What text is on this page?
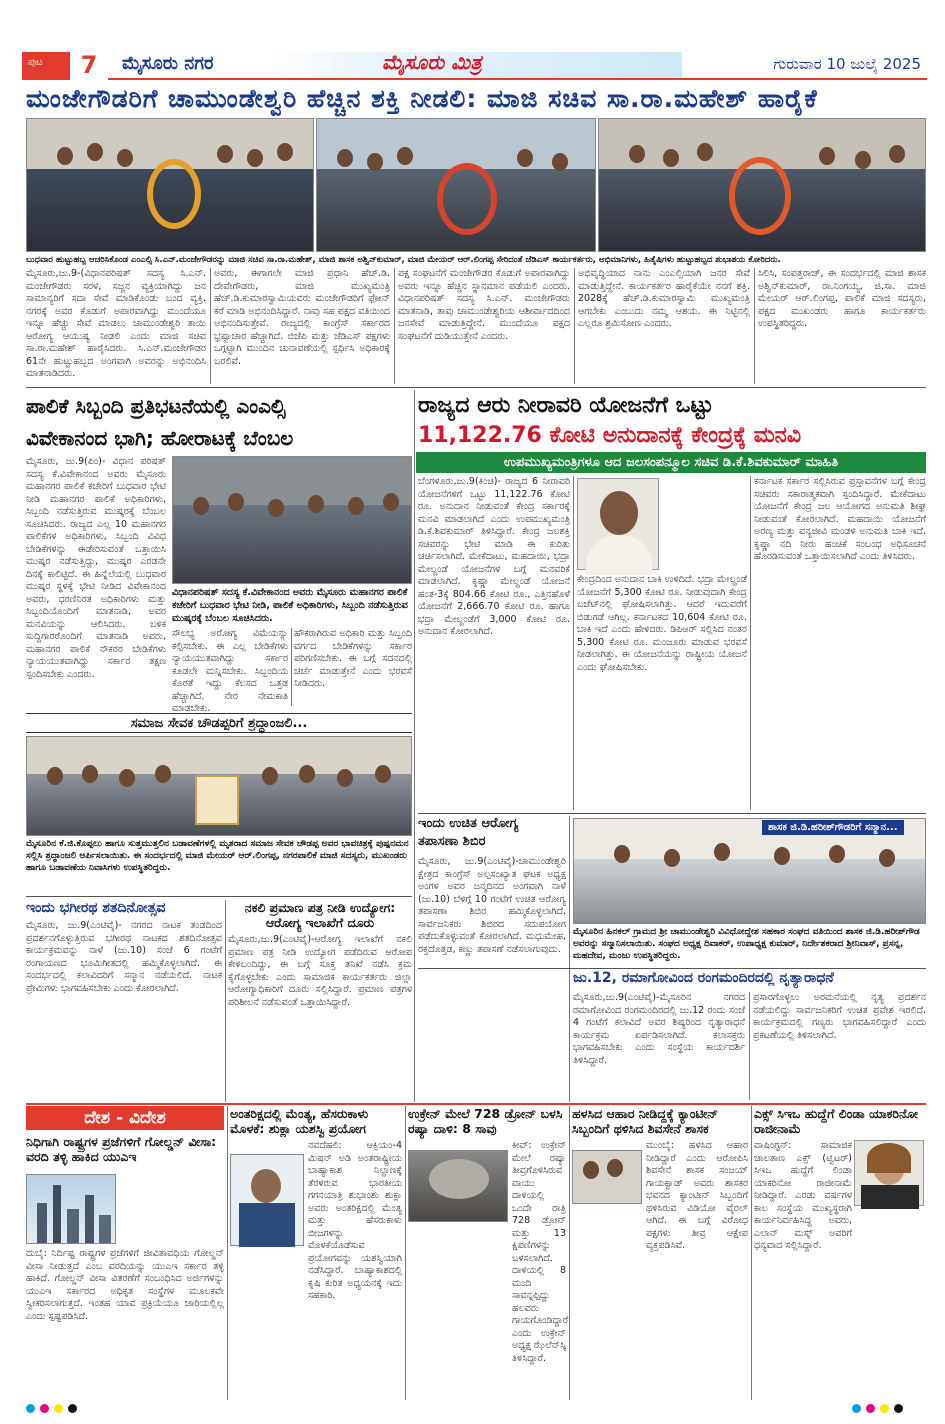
ಪುಟ	7	ಮೈಸೂರು ನಗರ	ಮೈಸೂರು ಮಿತ್ರ	ಗುರುವಾರ 10 ಜುಲೈ 2025
ಮಂಜೇಗೌಡರಿಗೆ ಚಾಮುಂಡೇಶ್ವರಿ ಹೆಚ್ಚಿನ ಶಕ್ತಿ ನೀಡಲಿ: ಮಾಜಿ ಸಚಿವ ಸಾ.ರಾ.ಮಹೇಶ್ ಹಾರೈಕೆ
ಬುಧವಾರ ಹುಟ್ಟುಹಬ್ಬ ಆಚರಿಸಿಕೊಂಡ ಎಂಎಲ್ಸಿ ಸಿ.ಎನ್.ಮಂಜೇಗೌಡರನ್ನು ಮಾಜಿ ಸಚಿವ ಸಾ.ರಾ.ಮಹೇಶ್, ಮಾಜಿ ಶಾಸಕ ಅಶ್ವಿನ್‌ಕುಮಾರ್, ಮಾಜಿ ಮೇಯರ್ ಆರ್.ಲಿಂಗಪ್ಪ ಸೇರಿದಂತೆ ಜೆಡಿಎಸ್ ಕಾರ್ಯಕರ್ತರು, ಅಭಿಮಾನಿಗಳು, ಹಿತೈಷಿಗಳು ಹುಟ್ಟುಹಬ್ಬದ ಶುಭಾಶಯ ಕೋರಿದರು.
ಮೈಸೂರು,ಜು.9-(ವಿಧಾನಪರಿಷತ್ ಸದಸ್ಯ ಸಿ.ಎನ್. ಮಂಜೇಗೌಡರು ಸರಳ, ಸಜ್ಜನ ವ್ಯಕ್ತಿಯಾಗಿದ್ದು ಜನ ಸಾಮಾನ್ಯರಿಗೆ ಸದಾ ಸೇವೆ ಮಾಡಿಕೊಂಡು ಬಂದ ವ್ಯಕ್ತಿ. ನಗರಕ್ಕೆ ಅವರ ಕೊಡುಗೆ ಅಪಾರವಾಗಿದ್ದು ಮುಂದೆಯೂ ಇನ್ನೂ ಹೆಚ್ಚು ಸೇವೆ ಮಾಡಲು ಚಾಮುಂಡೇಶ್ವರಿ ತಾಯಿ ಆರೋಗ್ಯ ಆಯುಷ್ಯ ನೀಡಲಿ ಎಂದು ಮಾಜಿ ಸಚಿವ ಸಾ.ರಾ.ಮಹೇಶ್ ಹಾರೈಸಿದರು. ಸಿ.ಎನ್.ಮಂಜೇಗೌಡರ 61ನೇ ಹುಟ್ಟುಹಬ್ಬದ ಅಂಗವಾಗಿ ಅವರನ್ನು ಅಭಿನಂದಿಸಿ ಮಾತನಾಡಿದರು.
ಅವರು, ಈಗಾಗಲೇ ಮಾಜಿ ಪ್ರಧಾನಿ ಹೆಚ್.ಡಿ. ದೇವೇಗೌಡರು, ಮಾಜಿ ಮುಖ್ಯಮಂತ್ರಿ ಹೆಚ್.ಡಿ.ಕುಮಾರಸ್ವಾಮಿಯವರು ಮಂಜೇಗೌಡರಿಗೆ ಫೋನ್ ಕರೆ ಮಾಡಿ ಅಭಿನಂದಿಸಿದ್ದಾರೆ. ನಾವು ಸಹ ಪಕ್ಷದ ವತಿಯಿಂದ ಅಭಿನಂದಿಸುತ್ತೇವೆ. ರಾಜ್ಯದಲ್ಲಿ ಕಾಂಗ್ರೆಸ್ ಸರ್ಕಾರದ ಭ್ರಷ್ಟಾಚಾರ ಹೆಚ್ಚಾಗಿದೆ. ಬಿಜೆಪಿ ಮತ್ತು ಜೆಡಿಎಸ್ ಪಕ್ಷಗಳು ಒಗ್ಗಟ್ಟಾಗಿ ಮುಂದಿನ ಚುನಾವಣೆಯಲ್ಲಿ ಸ್ಪರ್ಧಿಸಿ ಅಧಿಕಾರಕ್ಕೆ ಬರಲಿವೆ.
ಪಕ್ಷ ಸಂಘಟನೆಗೆ ಮಂಜೇಗೌಡರ ಕೊಡುಗೆ ಅಪಾರವಾಗಿದ್ದು ಅವರು ಇನ್ನೂ ಹೆಚ್ಚಿನ ಸ್ಥಾನಮಾನ ಪಡೆಯಲಿ ಎಂದರು. ವಿಧಾನಪರಿಷತ್ ಸದಸ್ಯ ಸಿ.ಎನ್. ಮಂಜೇಗೌಡರು ಮಾತನಾಡಿ, ತಾವು ಚಾಮುಂಡೇಶ್ವರಿಯ ಆಶೀರ್ವಾದದಿಂದ ಜನಸೇವೆ ಮಾಡುತ್ತಿದ್ದೇನೆ. ಮುಂದೆಯೂ ಪಕ್ಷದ ಸಂಘಟನೆಗೆ ದುಡಿಯುತ್ತೇನೆ ಎಂದರು.
ಅಭಿವೃದ್ಧಿಯಾದ ನಾನು ಎಂಎಲ್ಸಿಯಾಗಿ ಜನರ ಸೇವೆ ಮಾಡುತ್ತಿದ್ದೇನೆ. ಕಾರ್ಯಕರ್ತರ ಹಾರೈಕೆಯೇ ನನಗೆ ಶಕ್ತಿ. 2028ಕ್ಕೆ ಹೆಚ್.ಡಿ.ಕುಮಾರಸ್ವಾಮಿ ಮುಖ್ಯಮಂತ್ರಿ ಆಗಬೇಕು ಎಂಬುದು ನಮ್ಮ ಆಶಯ. ಈ ನಿಟ್ಟಿನಲ್ಲಿ ಎಲ್ಲರೂ ಶ್ರಮಿಸೋಣ ಎಂದರು.
ಸಿಲಿಸಿ, ಸಂಪತ್ತರಾಜ್, ಈ ಸಂದರ್ಭದಲ್ಲಿ ಮಾಜಿ ಶಾಸಕ ಅಶ್ವಿನ್‌ಕುಮಾರ್, ರಾ.ನಿಂಗಯ್ಯ, ಜಿ.ಸಾ. ಮಾಜಿ ಮೇಯರ್ ಆರ್.ಲಿಂಗಪ್ಪ, ಪಾಲಿಕೆ ಮಾಜಿ ಸದಸ್ಯರು, ಪಕ್ಷದ ಮುಖಂಡರು ಹಾಗೂ ಕಾರ್ಯಕರ್ತರು ಉಪಸ್ಥಿತರಿದ್ದರು.
ಪಾಲಿಕೆ ಸಿಬ್ಬಂದಿ ಪ್ರತಿಭಟನೆಯಲ್ಲಿ ಎಂಎಲ್ಸಿ
ವಿವೇಕಾನಂದ ಭಾಗಿ; ಹೋರಾಟಕ್ಕೆ ಬೆಂಬಲ
ಮೈಸೂರು, ಜು.9(ಪಿಂ)- ವಿಧಾನ ಪರಿಷತ್ ಸದಸ್ಯ ಕೆ.ವಿವೇಕಾನಂದ ಅವರು ಮೈಸೂರು ಮಹಾನಗರ ಪಾಲಿಕೆ ಕಚೇರಿಗೆ ಬುಧವಾರ ಭೇಟಿ ನೀಡಿ ಮಹಾನಗರ ಪಾಲಿಕೆ ಅಧಿಕಾರಿಗಳು, ಸಿಬ್ಬಂದಿ ನಡೆಸುತ್ತಿರುವ ಮುಷ್ಕರಕ್ಕೆ ಬೆಂಬಲ ಸೂಚಿಸಿದರು. ರಾಜ್ಯದ ಎಲ್ಲ 10 ಮಹಾನಗರ ಪಾಲಿಕೆಗಳ ಅಧಿಕಾರಿಗಳು, ಸಿಬ್ಬಂದಿ ವಿವಿಧ ಬೇಡಿಕೆಗಳನ್ನು ಈಡೇರಿಸುವಂತೆ ಒತ್ತಾಯಿಸಿ ಮುಷ್ಕರ ನಡೆಸುತ್ತಿದ್ದು, ಮುಷ್ಕರ ಎರಡನೇ ದಿನಕ್ಕೆ ಕಾಲಿಟ್ಟಿದೆ. ಈ ಹಿನ್ನೆಲೆಯಲ್ಲಿ ಬುಧವಾರ ಮುಷ್ಕರ ಸ್ಥಳಕ್ಕೆ ಭೇಟಿ ನೀಡಿದ ವಿವೇಕಾನಂದ ಅವರು, ಧರಣಿನಿರತ ಅಧಿಕಾರಿಗಳು ಮತ್ತು ಸಿಬ್ಬಂದಿಯೊಂದಿಗೆ ಮಾತನಾಡಿ, ಅವರ ಮನವಿಯನ್ನು ಆಲಿಸಿದರು. ಬಳಿಕ ಸುದ್ದಿಗಾರರೊಂದಿಗೆ ಮಾತನಾಡಿ ಅವರು, ಮಹಾನಗರ ಪಾಲಿಕೆ ನೌಕರರ ಬೇಡಿಕೆಗಳು ನ್ಯಾಯಯುತವಾಗಿದ್ದು ಸರ್ಕಾರ ತಕ್ಷಣ ಸ್ಪಂದಿಸಬೇಕು ಎಂದರು.
ವಿಧಾನಪರಿಷತ್ ಸದಸ್ಯ ಕೆ.ವಿವೇಕಾನಂದ ಅವರು ಮೈಸೂರು ಮಹಾನಗರ ಪಾಲಿಕೆ ಕಚೇರಿಗೆ ಬುಧವಾರ ಭೇಟಿ ನೀಡಿ, ಪಾಲಿಕೆ ಅಧಿಕಾರಿಗಳು, ಸಿಬ್ಬಂದಿ ನಡೆಸುತ್ತಿರುವ ಮುಷ್ಕರಕ್ಕೆ ಬೆಂಬಲ ಸೂಚಿಸಿದರು.
ಸೌಲಭ್ಯ ಅರೋಗ್ಯ ವಿಮೆಯನ್ನು ಕಲ್ಪಿಸಬೇಕು. ಈ ಎಲ್ಲ ಬೇಡಿಕೆಗಳು ನ್ಯಾಯಯುತವಾಗಿದ್ದು ಸರ್ಕಾರ ಕೂಡಲೇ ಮನ್ನಿಸಬೇಕು. ಸಿಬ್ಬಂದಿಯ ಕೊರತೆ ಇದ್ದು ಕೆಲಸದ ಒತ್ತಡ ಹೆಚ್ಚಾಗಿದೆ. ನೇರ ನೇಮಕಾತಿ ಮಾಡಬೇಕು.
ಹೌಕರಾಗಿರುವ ಅಧಿಕಾರಿ ಮತ್ತು ಸಿಬ್ಬಂದಿ ವರ್ಗದ ಬೇಡಿಕೆಗಳನ್ನು ಸರ್ಕಾರ ಪರಿಗಣಿಸಬೇಕು. ಈ ಬಗ್ಗೆ ಸದನದಲ್ಲಿ ಚರ್ಚೆ ಮಾಡುತ್ತೇನೆ ಎಂದು ಭರವಸೆ ನೀಡಿದರು.
ರಾಜ್ಯದ ಆರು ನೀರಾವರಿ ಯೋಜನೆಗೆ ಒಟ್ಟು
11,122.76 ಕೋಟಿ ಅನುದಾನಕ್ಕೆ ಕೇಂದ್ರಕ್ಕೆ ಮನವಿ
ಉಪಮುಖ್ಯಮಂತ್ರಿಗಳೂ ಆದ ಜಲಸಂಪನ್ಮೂಲ ಸಚಿವ ಡಿ.ಕೆ.ಶಿವಕುಮಾರ್ ಮಾಹಿತಿ
ಬೆಂಗಳೂರು,ಜು.9(ಕಿಂಚಿ)- ರಾಜ್ಯದ 6 ನೀರಾವರಿ ಯೋಜನೆಗಳಿಗೆ ಒಟ್ಟು 11,122.76 ಕೋಟಿ ರೂ. ಅನುದಾನ ನೀಡುವಂತೆ ಕೇಂದ್ರ ಸರ್ಕಾರಕ್ಕೆ ಮನವಿ ಮಾಡಲಾಗಿದೆ ಎಂದು ಉಪಮುಖ್ಯಮಂತ್ರಿ ಡಿ.ಕೆ.ಶಿವಕುಮಾರ್ ತಿಳಿಸಿದ್ದಾರೆ. ಕೇಂದ್ರ ಜಲಶಕ್ತಿ ಸಚಿವರನ್ನು ಭೇಟಿ ಮಾಡಿ ಈ ಕುರಿತು ಚರ್ಚಿಸಲಾಗಿದೆ. ಮೇಕೆದಾಟು, ಮಹದಾಯಿ, ಭದ್ರಾ ಮೇಲ್ದಂಡೆ ಯೋಜನೆಗಳ ಬಗ್ಗೆ ಮನವರಿಕೆ ಮಾಡಲಾಗಿದೆ. ಕೃಷ್ಣಾ ಮೇಲ್ದಂಡೆ ಯೋಜನೆ ಹಂತ-3ಕ್ಕೆ 804.66 ಕೋಟಿ ರೂ., ಎತ್ತಿನಹೊಳೆ ಯೋಜನೆಗೆ 2,666.70 ಕೋಟಿ ರೂ. ಹಾಗೂ ಭದ್ರಾ ಮೇಲ್ದಂಡೆಗೆ 3,000 ಕೋಟಿ ರೂ. ಅನುದಾನ ಕೋರಲಾಗಿದೆ.
ಕೇಂದ್ರದಿಂದ ಅನುದಾನ ಬಾಕಿ ಉಳಿದಿದೆ. ಭದ್ರಾ ಮೇಲ್ದಂಡೆ ಯೋಜನೆಗೆ 5,300 ಕೋಟಿ ರೂ. ನೀಡುವುದಾಗಿ ಕೇಂದ್ರ ಬಜೆಟ್‌ನಲ್ಲಿ ಘೋಷಿಸಲಾಗಿತ್ತು. ಆದರೆ ಇದುವರೆಗೆ ಬಿಡುಗಡೆ ಆಗಿಲ್ಲ. ಕರ್ನಾಟಕದ 10,604 ಕೋಟಿ ರೂ. ಬಾಕಿ ಇದೆ ಎಂದು ಹೇಳಿದರು. ಡಿಪಿಆರ್ ಸಲ್ಲಿಸಿದ ನಂತರ 5,300 ಕೋಟಿ ರೂ. ಮಂಜೂರು ಮಾಡುವ ಭರವಸೆ ನೀಡಲಾಗಿತ್ತು. ಈ ಯೋಜನೆಯನ್ನು ರಾಷ್ಟ್ರೀಯ ಯೋಜನೆ ಎಂದು ಘೋಷಿಸಬೇಕು.
ಕರ್ನಾಟಕ ಸರ್ಕಾರ ಸಲ್ಲಿಸಿರುವ ಪ್ರಸ್ತಾವನೆಗಳ ಬಗ್ಗೆ ಕೇಂದ್ರ ಸಚಿವರು ಸಕಾರಾತ್ಮಕವಾಗಿ ಸ್ಪಂದಿಸಿದ್ದಾರೆ. ಮೇಕೆದಾಟು ಯೋಜನೆಗೆ ಕೇಂದ್ರ ಜಲ ಆಯೋಗದ ಅನುಮತಿ ಶೀಘ್ರ ನೀಡುವಂತೆ ಕೋರಲಾಗಿದೆ. ಮಹದಾಯಿ ಯೋಜನೆಗೆ ಅರಣ್ಯ ಮತ್ತು ವನ್ಯಜೀವಿ ಮಂಡಳಿ ಅನುಮತಿ ಬಾಕಿ ಇದೆ. ಕೃಷ್ಣಾ ನದಿ ನೀರು ಹಂಚಿಕೆ ಸಂಬಂಧ ಅಧಿಸೂಚನೆ ಹೊರಡಿಸುವಂತೆ ಒತ್ತಾಯಿಸಲಾಗಿದೆ ಎಂದು ತಿಳಿಸಿದರು.
ಸಮಾಜ ಸೇವಕ ಚೌಡಪ್ಪರಿಗೆ ಶ್ರದ್ಧಾಂಜಲಿ...
ಮೈಸೂರಿನ ಕೆ.ಜಿ.ಕೊಪ್ಪಲು ಹಾಗೂ ಸುತ್ತಮುತ್ತಲಿನ ಬಡಾವಣೆಗಳಲ್ಲಿ ಮೃತರಾದ ಸಮಾಜ ಸೇವಕ ಚೌಡಪ್ಪ ಅವರ ಭಾವಚಿತ್ರಕ್ಕೆ ಪುಷ್ಪನಮನ ಸಲ್ಲಿಸಿ ಶ್ರದ್ಧಾಂಜಲಿ ಅರ್ಪಿಸಲಾಯಿತು. ಈ ಸಂದರ್ಭದಲ್ಲಿ ಮಾಜಿ ಮೇಯರ್ ಆರ್.ಲಿಂಗಪ್ಪ, ನಗರಪಾಲಿಕೆ ಮಾಜಿ ಸದಸ್ಯರು, ಮುಖಂಡರು ಹಾಗೂ ಬಡಾವಣೆಯ ನಿವಾಸಿಗಳು ಉಪಸ್ಥಿತರಿದ್ದರು.
ಇಂದು ಭಗೀರಥ ಶತದಿನೋತ್ಸವ
ಮೈಸೂರು, ಜು.9(ಎಂಟಿವೈ)- ನಗರದ ನಾಟಕ ತಂಡದಿಂದ ಪ್ರದರ್ಶನಗೊಳ್ಳುತ್ತಿರುವ ಭಗೀರಥ ನಾಟಕದ ಶತದಿನೋತ್ಸವ ಕಾರ್ಯಕ್ರಮವನ್ನು ನಾಳೆ (ಜು.10) ಸಂಜೆ 6 ಗಂಟೆಗೆ ರಂಗಾಯಣದ ಭೂಮಿಗೀತದಲ್ಲಿ ಹಮ್ಮಿಕೊಳ್ಳಲಾಗಿದೆ. ಈ ಸಂದರ್ಭದಲ್ಲಿ ಕಲಾವಿದರಿಗೆ ಸನ್ಮಾನ ನಡೆಯಲಿದೆ. ನಾಟಕ ಪ್ರೇಮಿಗಳು ಭಾಗವಹಿಸಬೇಕು ಎಂದು ಕೋರಲಾಗಿದೆ.
ನಕಲಿ ಪ್ರಮಾಣ ಪತ್ರ ನೀಡಿ ಉದ್ಯೋಗ:
ಆರೋಗ್ಯ ಇಲಾಖೆಗೆ ದೂರು
ಮೈಸೂರು,ಜು.9(ಎಂಟಿವೈ)-ಆರೋಗ್ಯ ಇಲಾಖೆಗೆ ನಕಲಿ ಪ್ರಮಾಣ ಪತ್ರ ನೀಡಿ ಉದ್ಯೋಗ ಪಡೆದಿರುವ ಆರೋಪ ಕೇಳಿಬಂದಿದ್ದು, ಈ ಬಗ್ಗೆ ಸೂಕ್ತ ತನಿಖೆ ನಡೆಸಿ ಕ್ರಮ ಕೈಗೊಳ್ಳಬೇಕು ಎಂದು ಸಾಮಾಜಿಕ ಕಾರ್ಯಕರ್ತರು ಜಿಲ್ಲಾ ಆರೋಗ್ಯಾಧಿಕಾರಿಗೆ ದೂರು ಸಲ್ಲಿಸಿದ್ದಾರೆ. ಪ್ರಮಾಣ ಪತ್ರಗಳ ಪರಿಶೀಲನೆ ನಡೆಸುವಂತೆ ಒತ್ತಾಯಿಸಿದ್ದಾರೆ.
ಇಂದು ಉಚಿತ ಆರೋಗ್ಯ
ತಪಾಸಣಾ ಶಿಬಿರ
ಮೈಸೂರು, ಜು.9(ಎಂಟಿವೈ)-ಚಾಮುಂಡೇಶ್ವರಿ ಕ್ಷೇತ್ರದ ಕಾಂಗ್ರೆಸ್ ಅಲ್ಪಸಂಖ್ಯಾತ ಘಟಕ ಅಧ್ಯಕ್ಷ ಅಂಗಳ ಅವರ ಜನ್ಮದಿನದ ಅಂಗವಾಗಿ ನಾಳೆ (ಜು.10) ಬೆಳಿಗ್ಗೆ 10 ಗಂಟೆಗೆ ಉಚಿತ ಆರೋಗ್ಯ ತಪಾಸಣಾ ಶಿಬಿರ ಹಮ್ಮಿಕೊಳ್ಳಲಾಗಿದೆ. ಸಾರ್ವಜನಿಕರು ಶಿಬಿರದ ಸದುಪಯೋಗ ಪಡೆದುಕೊಳ್ಳುವಂತೆ ಕೋರಲಾಗಿದೆ. ಮಧುಮೇಹ, ರಕ್ತದೊತ್ತಡ, ಕಣ್ಣು ತಪಾಸಣೆ ನಡೆಸಲಾಗುವುದು.
ಶಾಸಕ ಜಿ.ಡಿ.ಹರೀಶ್‌ಗೌಡರಿಗೆ ಸನ್ಮಾನ...
ಮೈಸೂರಿನ ಹಿನಕಲ್ ಗ್ರಾಮದ ಶ್ರೀ ಚಾಮುಂಡೇಶ್ವರಿ ವಿವಿಧೋದ್ದೇಶ ಸಹಕಾರ ಸಂಘದ ವತಿಯಿಂದ ಶಾಸಕ ಜಿ.ಡಿ.ಹರೀಶ್‌ಗೌಡ ಅವರನ್ನು ಸನ್ಮಾನಿಸಲಾಯಿತು. ಸಂಘದ ಅಧ್ಯಕ್ಷ ದಿವಾಕರ್, ಉಪಾಧ್ಯಕ್ಷ ಕುಮಾರ್, ನಿರ್ದೇಶಕರಾದ ಶ್ರೀನಿವಾಸ್, ಪ್ರಸನ್ನ, ಮಹದೇವ, ಮಂಜು ಉಪಸ್ಥಿತರಿದ್ದರು.
ಜು.12, ರಮಾಗೋವಿಂದ ರಂಗಮಂದಿರದಲ್ಲಿ ನೃತ್ಯಾರಾಧನೆ
ಮೈಸೂರು,ಜು.9(ಎಂಟಿವೈ)-ಮೈಸೂರಿನ ನಗರದ ರಮಾಗೋವಿಂದ ರಂಗಮಂದಿರದಲ್ಲಿ ಜು.12 ರಂದು ಸಂಜೆ 4 ಗಂಟೆಗೆ ಕಲಾವಿದೆ ಅವರ ಶಿಷ್ಯರಿಂದ ನೃತ್ಯಾರಾಧನೆ ಕಾರ್ಯಕ್ರಮ ಏರ್ಪಡಿಸಲಾಗಿದೆ. ಕಲಾಸಕ್ತರು ಭಾಗವಹಿಸಬೇಕು ಎಂದು ಸಂಸ್ಥೆಯ ಕಾರ್ಯದರ್ಶಿ ತಿಳಿಸಿದ್ದಾರೆ.
ಪ್ರಸಾರಗೊಳ್ಳಲು ಅರಮನೆಯಲ್ಲಿ ನೃತ್ಯ ಪ್ರದರ್ಶನ ನಡೆಯಲಿದ್ದು ಸಾರ್ವಜನಿಕರಿಗೆ ಉಚಿತ ಪ್ರವೇಶ ಇರಲಿದೆ. ಕಾರ್ಯಕ್ರಮದಲ್ಲಿ ಗಣ್ಯರು ಭಾಗವಹಿಸಲಿದ್ದಾರೆ ಎಂದು ಪ್ರಕಟಣೆಯಲ್ಲಿ ತಿಳಿಸಲಾಗಿದೆ.
ದೇಶ - ವಿದೇಶ
ನಿಧಿಗಾಗಿ ರಾಷ್ಟ್ರಗಳ ಪ್ರಜೆಗಳಿಗೆ ಗೋಲ್ಡನ್ ವೀಸಾ: ವರದಿ ತಳ್ಳಿ ಹಾಕಿದ ಯುಎಇ
ದುಬೈ: ನಿರ್ದಿಷ್ಟ ರಾಷ್ಟ್ರಗಳ ಪ್ರಜೆಗಳಿಗೆ ಜೀವಿತಾವಧಿಯ ಗೋಲ್ಡನ್ ವೀಸಾ ನೀಡುತ್ತದೆ ಎಂಬ ವರದಿಯನ್ನು ಯುಎಇ ಸರ್ಕಾರ ತಳ್ಳಿ ಹಾಕಿದೆ. ಗೋಲ್ಡನ್ ವೀಸಾ ವಿತರಣೆಗೆ ಸಂಬಂಧಿಸಿದ ಅರ್ಜಿಗಳನ್ನು ಯುಎಇ ಸರ್ಕಾರದ ಅಧಿಕೃತ ಸಂಸ್ಥೆಗಳ ಮೂಲಕವೇ ಸ್ವೀಕರಿಸಲಾಗುತ್ತದೆ. ಇಂತಹ ಯಾವ ಪ್ರಕ್ರಿಯೆಯೂ ಜಾರಿಯಲ್ಲಿಲ್ಲ ಎಂದು ಸ್ಪಷ್ಟಪಡಿಸಿದೆ.
ಅಂತರಿಕ್ಷದಲ್ಲಿ ಮೆಂತ್ಯ, ಹೆಸರುಕಾಳು ಮೊಳಕೆ: ಶುಕ್ಲಾ ಯಶಸ್ವಿ ಪ್ರಯೋಗ
ನವದೆಹಲಿ: ಆಕ್ಸಿಯಂ-4 ಮಿಷನ್ ಅಡಿ ಅಂತರಾಷ್ಟ್ರೀಯ ಬಾಹ್ಯಾಕಾಶ ನಿಲ್ದಾಣಕ್ಕೆ ತೆರಳಿರುವ ಭಾರತೀಯ ಗಗನಯಾತ್ರಿ ಶುಭಾಂಶು ಶುಕ್ಲಾ ಅವರು ಅಂತರಿಕ್ಷದಲ್ಲಿ ಮೆಂತ್ಯ ಮತ್ತು ಹೆಸರುಕಾಳು ಬೀಜಗಳನ್ನು ಮೊಳಕೆಯೊಡೆಸುವ ಪ್ರಯೋಗವನ್ನು ಯಶಸ್ವಿಯಾಗಿ ನಡೆಸಿದ್ದಾರೆ. ಬಾಹ್ಯಾಕಾಶದಲ್ಲಿ ಕೃಷಿ ಕುರಿತ ಅಧ್ಯಯನಕ್ಕೆ ಇದು ಸಹಕಾರಿ.
ಉಕ್ರೇನ್ ಮೇಲೆ 728 ಡ್ರೋನ್ ಬಳಸಿ ರಷ್ಯಾ ದಾಳಿ: 8 ಸಾವು
ಕೀವ್: ಉಕ್ರೇನ್ ಮೇಲೆ ರಷ್ಯಾ ತೀವ್ರಗೊಳಿಸಿರುವ ವಾಯು ದಾಳಿಯಲ್ಲಿ ಒಂದೇ ರಾತ್ರಿ 728 ಡ್ರೋನ್ ಮತ್ತು 13 ಕ್ಷಿಪಣಿಗಳನ್ನು ಬಳಸಲಾಗಿದೆ. ದಾಳಿಯಲ್ಲಿ 8 ಮಂದಿ ಸಾವನ್ನಪ್ಪಿದ್ದು ಹಲವರು ಗಾಯಗೊಂಡಿದ್ದಾರೆ ಎಂದು ಉಕ್ರೇನ್ ಅಧ್ಯಕ್ಷ ಝೆಲೆನ್‌ಸ್ಕಿ ತಿಳಿಸಿದ್ದಾರೆ.
ಹಳಸಿದ ಆಹಾರ ನೀಡಿದ್ದಕ್ಕೆ ಕ್ಯಾಂಟೀನ್ ಸಿಬ್ಬಂದಿಗೆ ಥಳಿಸಿದ ಶಿವಸೇನೆ ಶಾಸಕ
ಮುಂಬೈ: ಹಳಸಿದ ಆಹಾರ ನೀಡಿದ್ದಾರೆ ಎಂದು ಆರೋಪಿಸಿ ಶಿವಸೇನೆ ಶಾಸಕ ಸಂಜಯ್ ಗಾಯಕ್ವಾಡ್ ಅವರು ಶಾಸಕರ ಭವನದ ಕ್ಯಾಂಟೀನ್ ಸಿಬ್ಬಂದಿಗೆ ಥಳಿಸಿರುವ ವಿಡಿಯೋ ವೈರಲ್ ಆಗಿದೆ. ಈ ಬಗ್ಗೆ ವಿರೋಧ ಪಕ್ಷಗಳು ತೀವ್ರ ಆಕ್ಷೇಪ ವ್ಯಕ್ತಪಡಿಸಿವೆ.
ಎಕ್ಸ್ ಸಿಇಒ ಹುದ್ದೆಗೆ ಲಿಂಡಾ ಯಾಕರಿನೋ ರಾಜೀನಾಮೆ
ವಾಷಿಂಗ್ಟನ್: ಸಾಮಾಜಿಕ ಜಾಲತಾಣ ಎಕ್ಸ್ (ಟ್ವಿಟರ್) ಸಿಇಒ ಹುದ್ದೆಗೆ ಲಿಂಡಾ ಯಾಕರಿನೋ ರಾಜೀನಾಮೆ ನೀಡಿದ್ದಾರೆ. ಎರಡು ವರ್ಷಗಳ ಕಾಲ ಸಂಸ್ಥೆಯ ಮುಖ್ಯಸ್ಥರಾಗಿ ಕಾರ್ಯನಿರ್ವಹಿಸಿದ್ದ ಅವರು, ಎಲಾನ್ ಮಸ್ಕ್ ಅವರಿಗೆ ಧನ್ಯವಾದ ಸಲ್ಲಿಸಿದ್ದಾರೆ.
